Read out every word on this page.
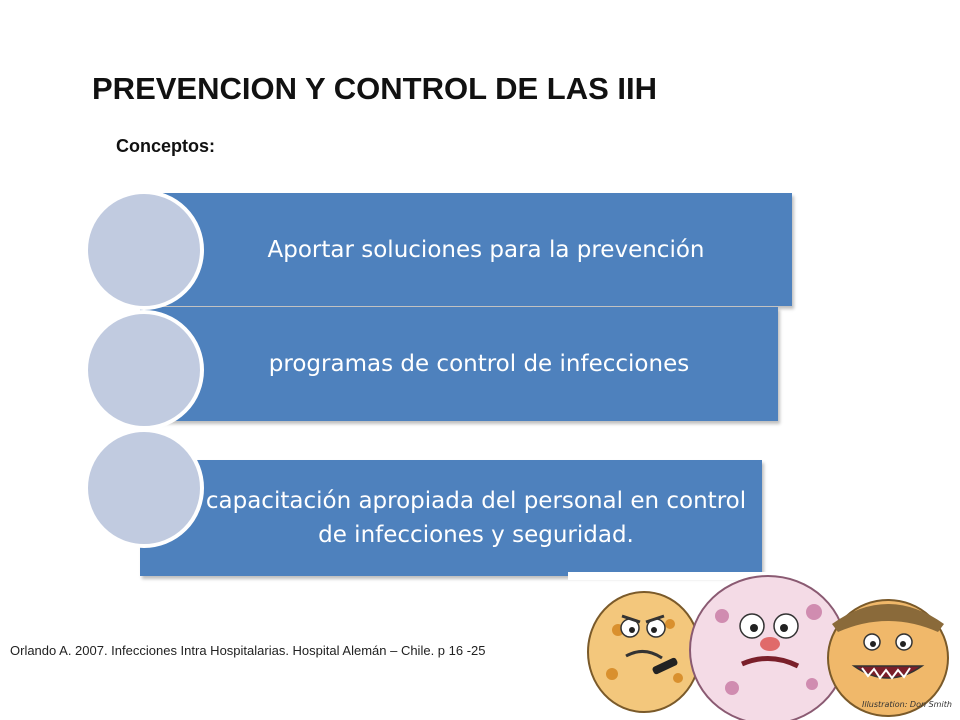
PREVENCION Y CONTROL DE LAS IIH
Conceptos:
Aportar soluciones para la prevención
programas de control de infecciones
capacitación apropiada del personal en control de infecciones y seguridad.
Orlando A. 2007. Infecciones Intra Hospitalarias. Hospital Alemán – Chile. p 16 -25
Illustration: Don Smith
